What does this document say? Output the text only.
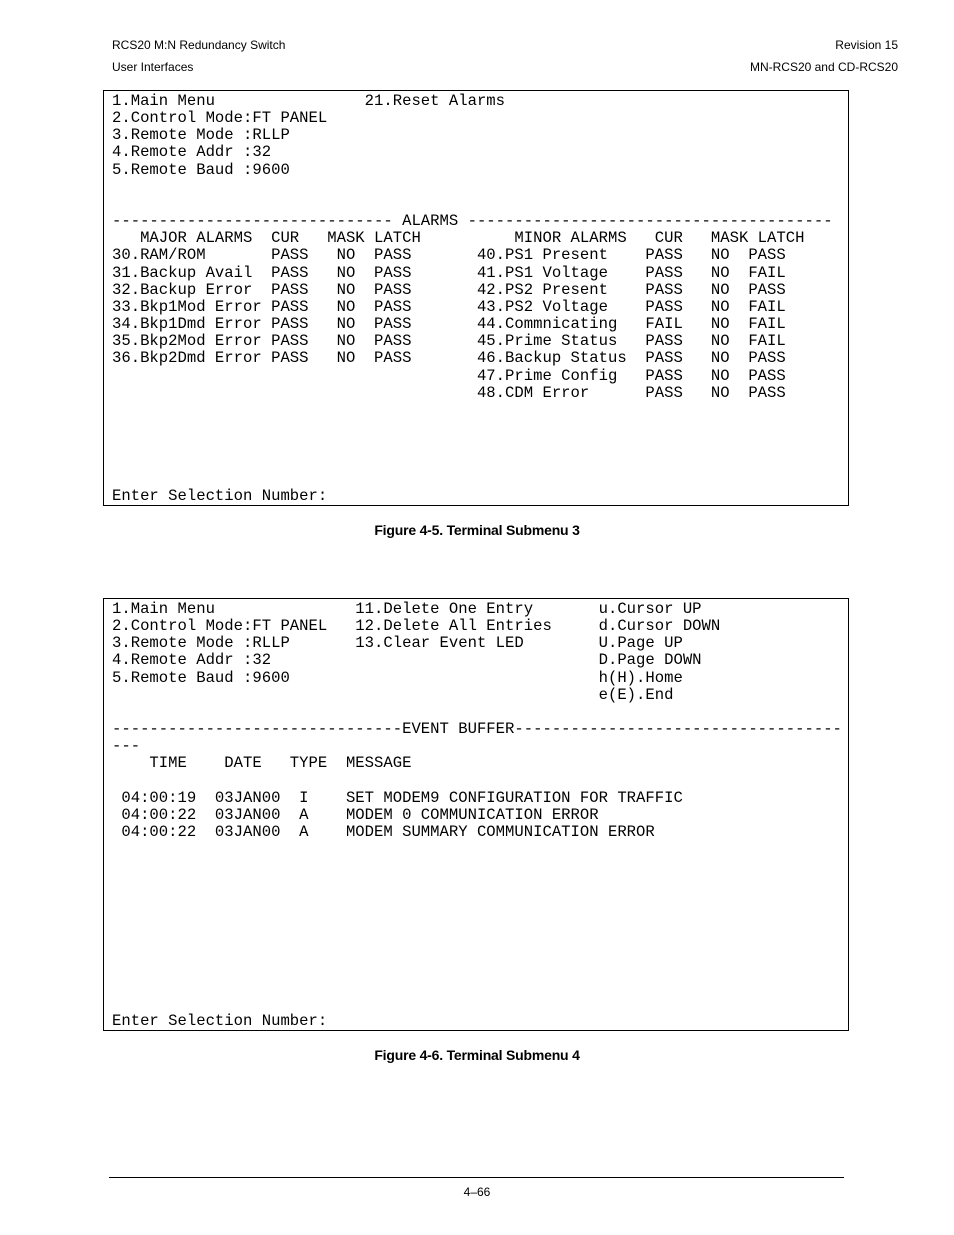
RCS20 M:N Redundancy Switch
User Interfaces
Revision 15
MN-RCS20 and CD-RCS20
1.Main Menu                21.Reset Alarms
2.Control Mode:FT PANEL
3.Remote Mode :RLLP
4.Remote Addr :32
5.Remote Baud :9600

------------------------------ ALARMS ---------------------------------------
MAJOR ALARMS  CUR   MASK LATCH          MINOR ALARMS   CUR   MASK LATCH
30.RAM/ROM       PASS   NO  PASS       40.PS1 Present    PASS   NO  PASS
31.Backup Avail  PASS   NO  PASS       41.PS1 Voltage    PASS   NO  FAIL
32.Backup Error  PASS   NO  PASS       42.PS2 Present    PASS   NO  PASS
33.Bkp1Mod Error PASS   NO  PASS       43.PS2 Voltage    PASS   NO  FAIL
34.Bkp1Dmd Error PASS   NO  PASS       44.Commnicating   FAIL   NO  FAIL
35.Bkp2Mod Error PASS   NO  PASS       45.Prime Status   PASS   NO  FAIL
36.Bkp2Dmd Error PASS   NO  PASS       46.Backup Status  PASS   NO  PASS
47.Prime Config   PASS   NO  PASS
48.CDM Error      PASS   NO  PASS

Enter Selection Number:
Figure 4-5. Terminal Submenu 3
1.Main Menu               11.Delete One Entry       u.Cursor UP
2.Control Mode:FT PANEL   12.Delete All Entries     d.Cursor DOWN
3.Remote Mode :RLLP       13.Clear Event LED        U.Page UP
4.Remote Addr :32                                   D.Page DOWN
5.Remote Baud :9600                                 h(H).Home
e(E).End

-------------------------------EVENT BUFFER-----------------------------------
---
TIME    DATE   TYPE  MESSAGE

04:00:19  03JAN00  I    SET MODEM9 CONFIGURATION FOR TRAFFIC
04:00:22  03JAN00  A    MODEM 0 COMMUNICATION ERROR
04:00:22  03JAN00  A    MODEM SUMMARY COMMUNICATION ERROR

Enter Selection Number:
Figure 4-6. Terminal Submenu 4
4–66
